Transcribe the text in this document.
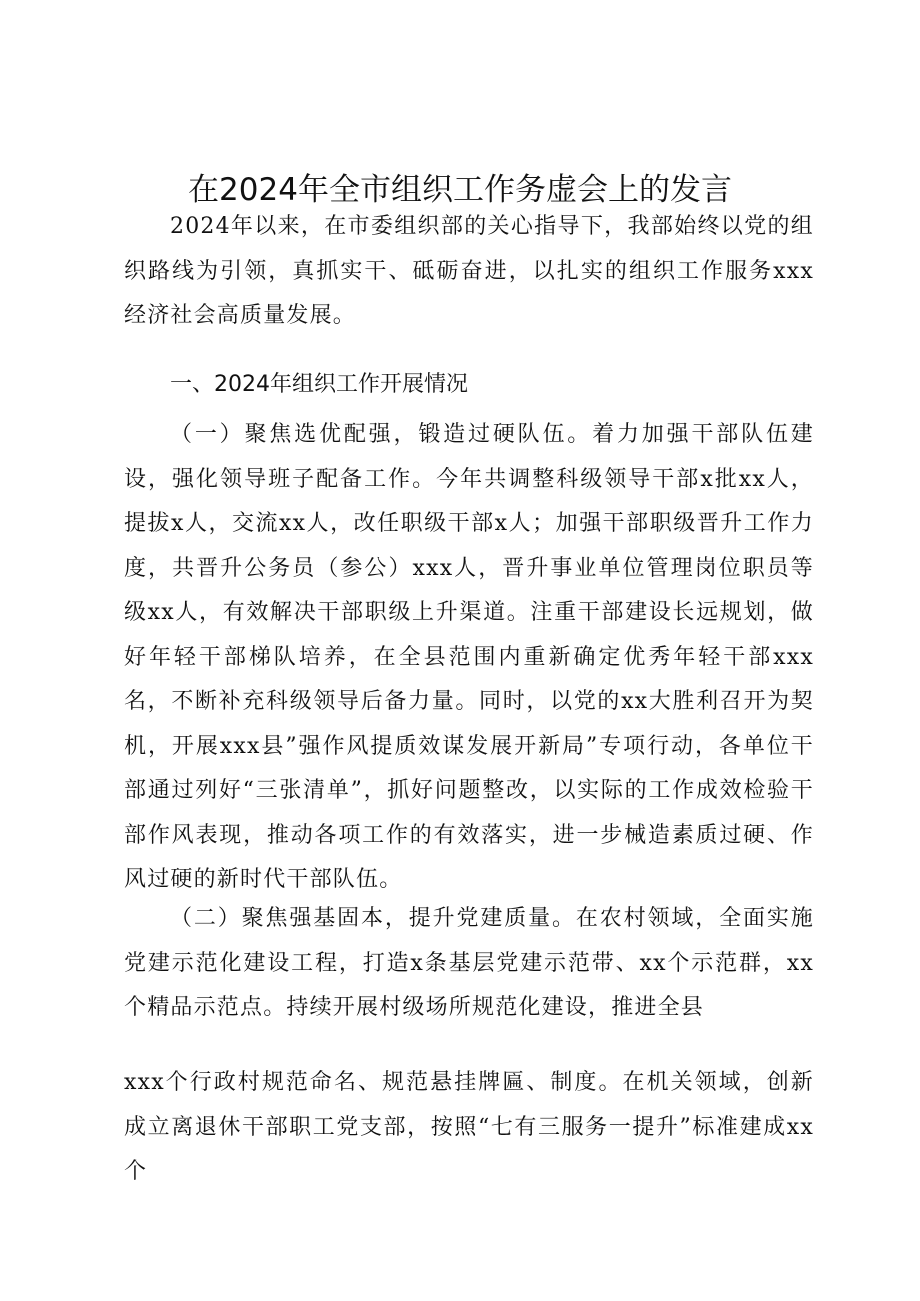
在2024年全市组织工作务虚会上的发言

2024年以来，在市委组织部的关心指导下，我部始终以党的组织路线为引领，真抓实干、砥砺奋进，以扎实的组织工作服务xxx经济社会高质量发展。

一、2024年组织工作开展情况

（一）聚焦选优配强，锻造过硬队伍。着力加强干部队伍建设，强化领导班子配备工作。今年共调整科级领导干部x批xx人，提拔x人，交流xx人，改任职级干部x人；加强干部职级晋升工作力度，共晋升公务员（参公）xxx人，晋升事业单位管理岗位职员等级xx人，有效解决干部职级上升渠道。注重干部建设长远规划，做好年轻干部梯队培养，在全县范围内重新确定优秀年轻干部xxx名，不断补充科级领导后备力量。同时，以党的xx大胜利召开为契机，开展xxx县”强作风提质效谋发展开新局”专项行动，各单位干部通过列好“三张清单”，抓好问题整改，以实际的工作成效检验干部作风表现，推动各项工作的有效落实，进一步械造素质过硬、作风过硬的新时代干部队伍。

（二）聚焦强基固本，提升党建质量。在农村领域，全面实施党建示范化建设工程，打造x条基层党建示范带、xx个示范群，xx个精品示范点。持续开展村级场所规范化建设，推进全县

xxx个行政村规范命名、规范悬挂牌匾、制度。在机关领域，创新成立离退休干部职工党支部，按照“七有三服务一提升”标准建成xx个
